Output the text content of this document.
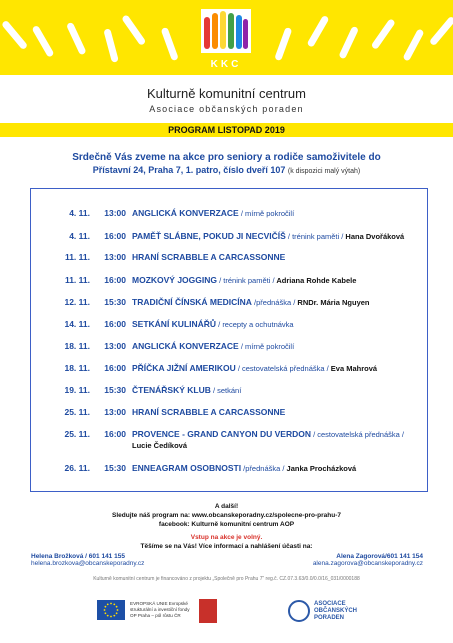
KKC
Kulturně komunitní centrum
Asociace občanských poraden
PROGRAM LISTOPAD 2019
Srdečně Vás zveme na akce pro seniory a rodiče samoživitele do
Přístavní 24, Praha 7, 1. patro, číslo dveří 107 (k dispozici malý výtah)
4. 11. 13:00 ANGLICKÁ KONVERZACE / mírně pokročilí
4. 11. 16:00 PAMĚŤ SLÁBNE, POKUD JI NECVIČÍŠ / trénink paměti / Hana Dvořáková
11. 11. 13:00 HRANÍ SCRABBLE A CARCASSONNE
11. 11. 16:00 MOZKOVÝ JOGGING / trénink paměti / Adriana Rohde Kabele
12. 11. 15:30 TRADIČNÍ ČÍNSKÁ MEDICÍNA /přednáška / RNDr. Mária Nguyen
14. 11. 16:00 SETKÁNÍ KULINÁŘŮ / recepty a ochutnávka
18. 11. 13:00 ANGLICKÁ KONVERZACE / mírně pokročilí
18. 11. 16:00 PŘÍČKA JIŽNÍ AMERIKOU / cestovatelská přednáška / Eva Mahrová
19. 11. 15:30 ČTENÁŘSKÝ KLUB / setkání
25. 11. 13:00 HRANÍ SCRABBLE A CARCASSONNE
25. 11. 16:00 PROVENCE - GRAND CANYON DU VERDON / cestovatelská přednáška /
Lucie Čedíková
26. 11. 15:30 ENNEAGRAM OSOBNOSTI /přednáška / Janka Procházková
A další!
Sledujte náš program na: www.obcanskeporadny.cz/spolecne-pro-prahu-7
facebook: Kulturně komunitní centrum AOP
Vstup na akce je volný.
Těšíme se na Vás! Více informací a nahlášení účasti na:
Helena Brožková / 601 141 155
helena.brozkova@obcanskeporadny.cz
Alena Zagorová/601 141 154
alena.zagorova@obcanskeporadny.cz
Kulturně komunitní centrum je financováno z projektu „Společně pro Prahu 7“ reg.č. CZ.07.3.63/0.0/0.0/16_031/0000188
EVROPSKÁ UNIE Evropské strukturální a investiční fondy OP Praha – pól růstu ČR
ASOCIACE OBČANSKÝCH PORADEN
